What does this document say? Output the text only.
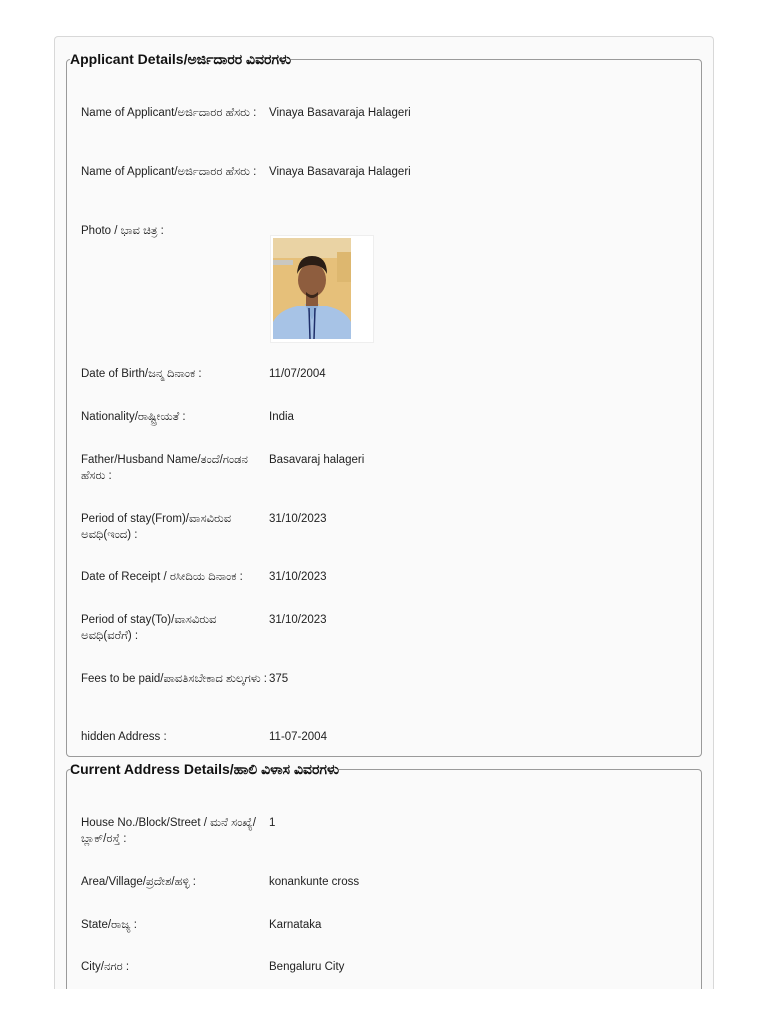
Applicant Details/ಅರ್ಜಿದಾರರ ವಿವರಗಳು
Name of Applicant/ಅರ್ಜಿದಾರರ ಹೆಸರು :	Vinaya Basavaraja Halageri
Name of Applicant/ಅರ್ಜಿದಾರರ ಹೆಸರು :	Vinaya Basavaraja Halageri
Photo / ಭಾವ ಚಿತ್ರ :
Date of Birth/ಜನ್ಮ ದಿನಾಂಕ :	11/07/2004
Nationality/ರಾಷ್ಟ್ರೀಯತೆ :	India
Father/Husband Name/ತಂದೆ/ಗಂಡನ ಹೆಸರು :
Basavaraj halageri
Period of stay(From)/ವಾಸವಿರುವ ಅವಧಿ(ಇಂದ) :
31/10/2023
Date of Receipt / ರಸೀದಿಯ ದಿನಾಂಕ :	31/10/2023
Period of stay(To)/ವಾಸವಿರುವ ಅವಧಿ(ವರೆಗೆ) :
31/10/2023
Fees to be paid/ಪಾವತಿಸಬೇಕಾದ ಶುಲ್ಕಗಳು : 375
hidden Address :	11-07-2004
Current Address Details/ಹಾಲಿ ವಿಳಾಸ ವಿವರಗಳು
House No./Block/Street / ಮನೆ ಸಂಖ್ಯೆ/ಬ್ಲಾಕ್/ರಸ್ತೆ :
1
Area/Village/ಪ್ರದೇಶ/ಹಳ್ಳಿ :	konankunte cross
State/ರಾಜ್ಯ :	Karnataka
City/ನಗರ :	Bengaluru City
